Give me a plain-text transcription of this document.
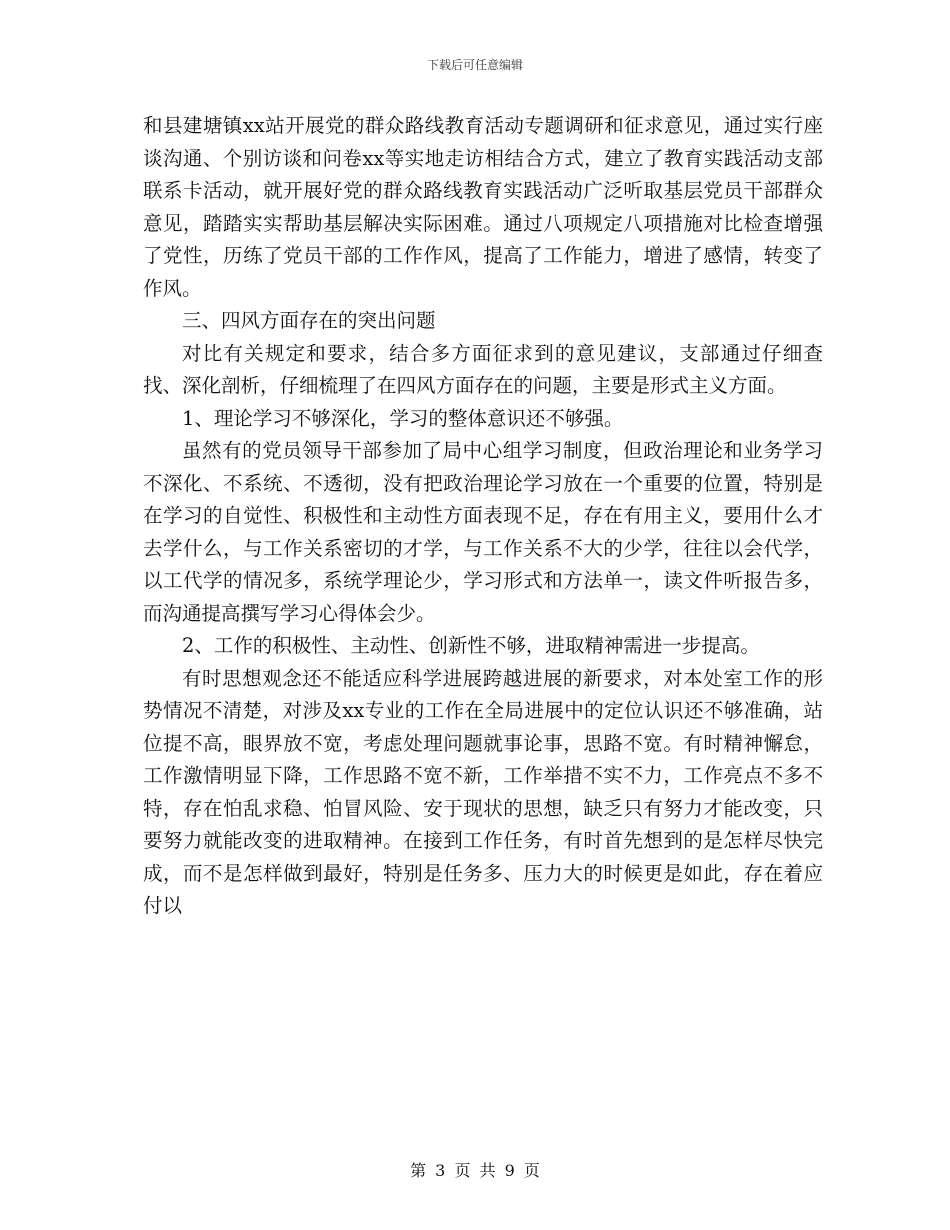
下载后可任意编辑

和县建塘镇xx站开展党的群众路线教育活动专题调研和征求意见，通过实行座谈沟通、个别访谈和问卷xx等实地走访相结合方式，建立了教育实践活动支部联系卡活动，就开展好党的群众路线教育实践活动广泛听取基层党员干部群众意见，踏踏实实帮助基层解决实际困难。通过八项规定八项措施对比检查增强了党性，历练了党员干部的工作作风，提高了工作能力，增进了感情，转变了作风。

三、四风方面存在的突出问题

对比有关规定和要求，结合多方面征求到的意见建议，支部通过仔细查找、深化剖析，仔细梳理了在四风方面存在的问题，主要是形式主义方面。

1、理论学习不够深化，学习的整体意识还不够强。

虽然有的党员领导干部参加了局中心组学习制度，但政治理论和业务学习不深化、不系统、不透彻，没有把政治理论学习放在一个重要的位置，特别是在学习的自觉性、积极性和主动性方面表现不足，存在有用主义，要用什么才去学什么，与工作关系密切的才学，与工作关系不大的少学，往往以会代学，以工代学的情况多，系统学理论少，学习形式和方法单一，读文件听报告多，而沟通提高撰写学习心得体会少。

2、工作的积极性、主动性、创新性不够，进取精神需进一步提高。

有时思想观念还不能适应科学进展跨越进展的新要求，对本处室工作的形势情况不清楚，对涉及xx专业的工作在全局进展中的定位认识还不够准确，站位提不高，眼界放不宽，考虑处理问题就事论事，思路不宽。有时精神懈怠，工作激情明显下降，工作思路不宽不新，工作举措不实不力，工作亮点不多不特，存在怕乱求稳、怕冒风险、安于现状的思想，缺乏只有努力才能改变，只要努力就能改变的进取精神。在接到工作任务，有时首先想到的是怎样尽快完成，而不是怎样做到最好，特别是任务多、压力大的时候更是如此，存在着应付以

第 3 页 共 9 页
